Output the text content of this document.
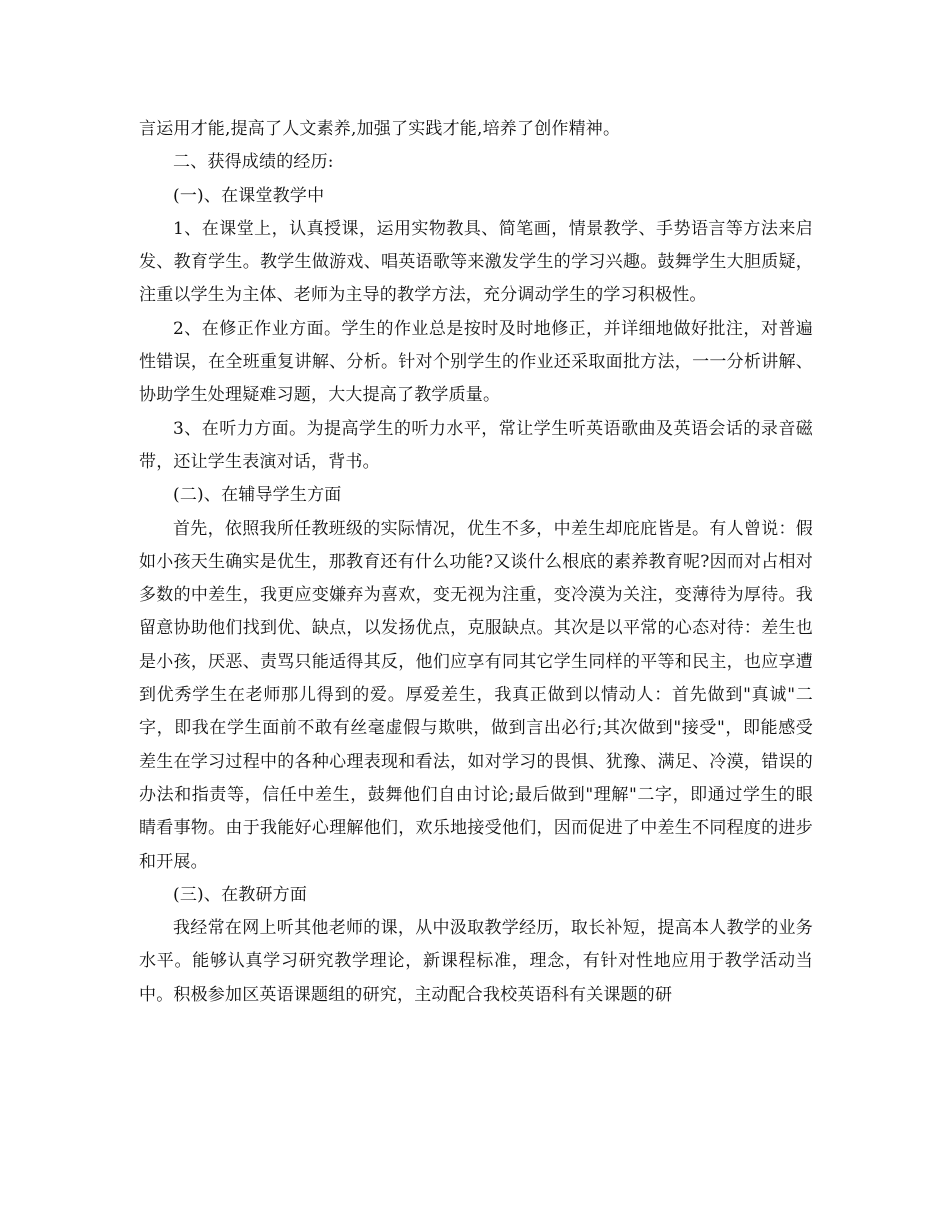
言运用才能,提高了人文素养,加强了实践才能,培养了创作精神。

二、获得成绩的经历:

(一)、在课堂教学中

1、在课堂上，认真授课，运用实物教具、简笔画，情景教学、手势语言等方法来启发、教育学生。教学生做游戏、唱英语歌等来激发学生的学习兴趣。鼓舞学生大胆质疑，注重以学生为主体、老师为主导的教学方法，充分调动学生的学习积极性。

2、在修正作业方面。学生的作业总是按时及时地修正，并详细地做好批注，对普遍性错误，在全班重复讲解、分析。针对个别学生的作业还采取面批方法，一一分析讲解、协助学生处理疑难习题，大大提高了教学质量。

3、在听力方面。为提高学生的听力水平，常让学生听英语歌曲及英语会话的录音磁带，还让学生表演对话，背书。

(二)、在辅导学生方面

首先，依照我所任教班级的实际情况，优生不多，中差生却庇庇皆是。有人曾说：假如小孩天生确实是优生，那教育还有什么功能?又谈什么根底的素养教育呢?因而对占相对多数的中差生，我更应变嫌弃为喜欢，变无视为注重，变冷漠为关注，变薄待为厚待。我留意协助他们找到优、缺点，以发扬优点，克服缺点。其次是以平常的心态对待：差生也是小孩，厌恶、责骂只能适得其反，他们应享有同其它学生同样的平等和民主，也应享遭到优秀学生在老师那儿得到的爱。厚爱差生，我真正做到以情动人：首先做到"真诚"二字，即我在学生面前不敢有丝毫虚假与欺哄，做到言出必行;其次做到"接受"，即能感受差生在学习过程中的各种心理表现和看法，如对学习的畏惧、犹豫、满足、冷漠，错误的办法和指责等，信任中差生，鼓舞他们自由讨论;最后做到"理解"二字，即通过学生的眼睛看事物。由于我能好心理解他们，欢乐地接受他们，因而促进了中差生不同程度的进步和开展。

(三)、在教研方面

我经常在网上听其他老师的课，从中汲取教学经历，取长补短，提高本人教学的业务水平。能够认真学习研究教学理论，新课程标准，理念，有针对性地应用于教学活动当中。积极参加区英语课题组的研究，主动配合我校英语科有关课题的研
